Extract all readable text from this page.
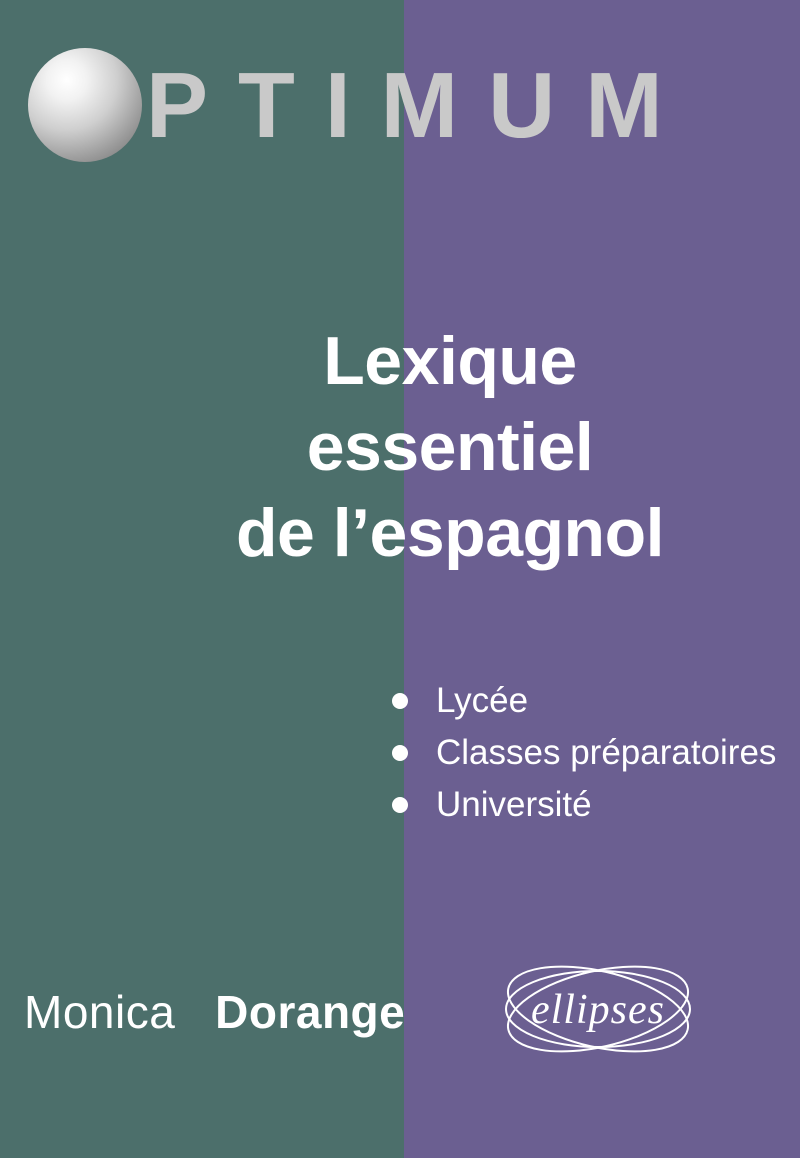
PTIMUM
Lexique
essentiel
de l’espagnol
Lycée
Classes préparatoires
Université
Monica Dorange	ellipses
